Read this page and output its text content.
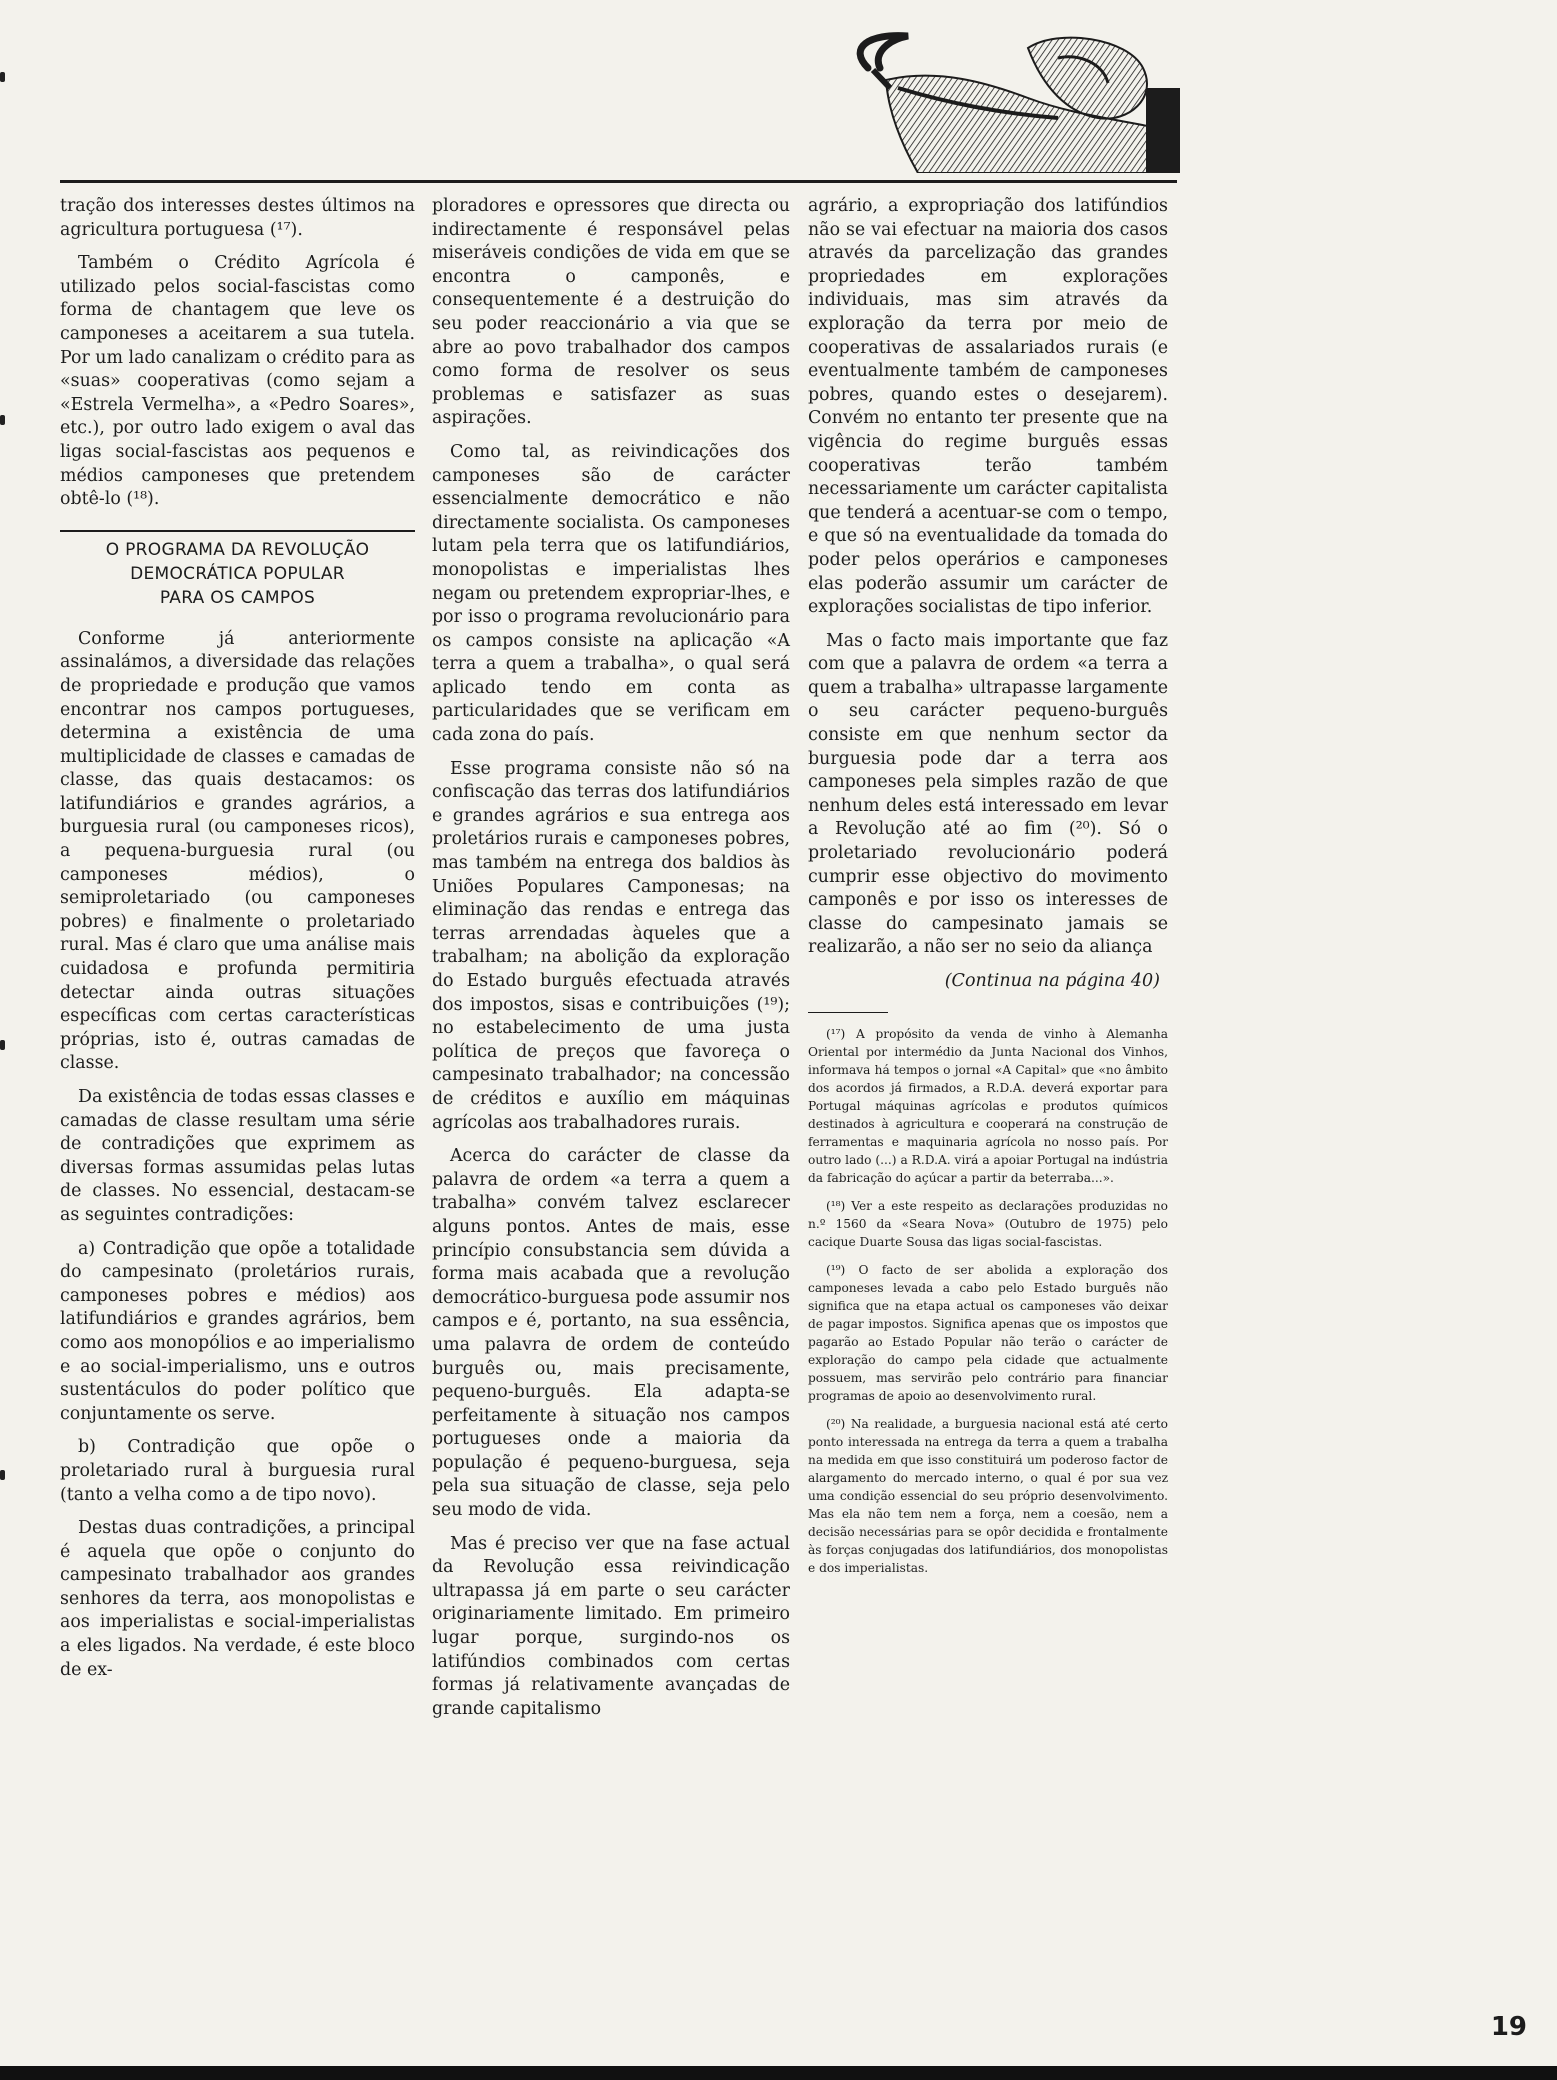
tração dos interesses destes últimos na agricultura portuguesa (¹⁷).

Também o Crédito Agrícola é utilizado pelos social-fascistas como forma de chantagem que leve os camponeses a aceitarem a sua tutela. Por um lado canalizam o crédito para as «suas» cooperativas (como sejam a «Estrela Vermelha», a «Pedro Soares», etc.), por outro lado exigem o aval das ligas social-fascistas aos pequenos e médios camponeses que pretendem obtê-lo (¹⁸).

O PROGRAMA DA REVOLUÇÃO
DEMOCRÁTICA POPULAR
PARA OS CAMPOS

Conforme já anteriormente assinalámos, a diversidade das relações de propriedade e produção que vamos encontrar nos campos portugueses, determina a existência de uma multiplicidade de classes e camadas de classe, das quais destacamos: os latifundiários e grandes agrários, a burguesia rural (ou camponeses ricos), a pequena-burguesia rural (ou camponeses médios), o semiproletariado (ou camponeses pobres) e finalmente o proletariado rural. Mas é claro que uma análise mais cuidadosa e profunda permitiria detectar ainda outras situações específicas com certas características próprias, isto é, outras camadas de classe.

Da existência de todas essas classes e camadas de classe resultam uma série de contradições que exprimem as diversas formas assumidas pelas lutas de classes. No essencial, destacam-se as seguintes contradições:

a) Contradição que opõe a totalidade do campesinato (proletários rurais, camponeses pobres e médios) aos latifundiários e grandes agrários, bem como aos monopólios e ao imperialismo e ao social-imperialismo, uns e outros sustentáculos do poder político que conjuntamente os serve.

b) Contradição que opõe o proletariado rural à burguesia rural (tanto a velha como a de tipo novo).

Destas duas contradições, a principal é aquela que opõe o conjunto do campesinato trabalhador aos grandes senhores da terra, aos monopolistas e aos imperialistas e social-imperialistas a eles ligados. Na verdade, é este bloco de ex-

ploradores e opressores que directa ou indirectamente é responsável pelas miseráveis condições de vida em que se encontra o camponês, e consequentemente é a destruição do seu poder reaccionário a via que se abre ao povo trabalhador dos campos como forma de resolver os seus problemas e satisfazer as suas aspirações.

Como tal, as reivindicações dos camponeses são de carácter essencialmente democrático e não directamente socialista. Os camponeses lutam pela terra que os latifundiários, monopolistas e imperialistas lhes negam ou pretendem expropriar-lhes, e por isso o programa revolucionário para os campos consiste na aplicação «A terra a quem a trabalha», o qual será aplicado tendo em conta as particularidades que se verificam em cada zona do país.

Esse programa consiste não só na confiscação das terras dos latifundiários e grandes agrários e sua entrega aos proletários rurais e camponeses pobres, mas também na entrega dos baldios às Uniões Populares Camponesas; na eliminação das rendas e entrega das terras arrendadas àqueles que a trabalham; na abolição da exploração do Estado burguês efectuada através dos impostos, sisas e contribuições (¹⁹); no estabelecimento de uma justa política de preços que favoreça o campesinato trabalhador; na concessão de créditos e auxílio em máquinas agrícolas aos trabalhadores rurais.

Acerca do carácter de classe da palavra de ordem «a terra a quem a trabalha» convém talvez esclarecer alguns pontos. Antes de mais, esse princípio consubstancia sem dúvida a forma mais acabada que a revolução democrático-burguesa pode assumir nos campos e é, portanto, na sua essência, uma palavra de ordem de conteúdo burguês ou, mais precisamente, pequeno-burguês. Ela adapta-se perfeitamente à situação nos campos portugueses onde a maioria da população é pequeno-burguesa, seja pela sua situação de classe, seja pelo seu modo de vida.

Mas é preciso ver que na fase actual da Revolução essa reivindicação ultrapassa já em parte o seu carácter originariamente limitado. Em primeiro lugar porque, surgindo-nos os latifúndios combinados com certas formas já relativamente avançadas de grande capitalismo

agrário, a expropriação dos latifúndios não se vai efectuar na maioria dos casos através da parcelização das grandes propriedades em explorações individuais, mas sim através da exploração da terra por meio de cooperativas de assalariados rurais (e eventualmente também de camponeses pobres, quando estes o desejarem). Convém no entanto ter presente que na vigência do regime burguês essas cooperativas terão também necessariamente um carácter capitalista que tenderá a acentuar-se com o tempo, e que só na eventualidade da tomada do poder pelos operários e camponeses elas poderão assumir um carácter de explorações socialistas de tipo inferior.

Mas o facto mais importante que faz com que a palavra de ordem «a terra a quem a trabalha» ultrapasse largamente o seu carácter pequeno-burguês consiste em que nenhum sector da burguesia pode dar a terra aos camponeses pela simples razão de que nenhum deles está interessado em levar a Revolução até ao fim (²⁰). Só o proletariado revolucionário poderá cumprir esse objectivo do movimento camponês e por isso os interesses de classe do campesinato jamais se realizarão, a não ser no seio da aliança

(Continua na página 40)

(¹⁷) A propósito da venda de vinho à Alemanha Oriental por intermédio da Junta Nacional dos Vinhos, informava há tempos o jornal «A Capital» que «no âmbito dos acordos já firmados, a R.D.A. deverá exportar para Portugal máquinas agrícolas e produtos químicos destinados à agricultura e cooperará na construção de ferramentas e maquinaria agrícola no nosso país. Por outro lado (...) a R.D.A. virá a apoiar Portugal na indústria da fabricação do açúcar a partir da beterraba...».

(¹⁸) Ver a este respeito as declarações produzidas no n.º 1560 da «Seara Nova» (Outubro de 1975) pelo cacique Duarte Sousa das ligas social-fascistas.

(¹⁹) O facto de ser abolida a exploração dos camponeses levada a cabo pelo Estado burguês não significa que na etapa actual os camponeses vão deixar de pagar impostos. Significa apenas que os impostos que pagarão ao Estado Popular não terão o carácter de exploração do campo pela cidade que actualmente possuem, mas servirão pelo contrário para financiar programas de apoio ao desenvolvimento rural.

(²⁰) Na realidade, a burguesia nacional está até certo ponto interessada na entrega da terra a quem a trabalha na medida em que isso constituirá um poderoso factor de alargamento do mercado interno, o qual é por sua vez uma condição essencial do seu próprio desenvolvimento. Mas ela não tem nem a força, nem a coesão, nem a decisão necessárias para se opôr decidida e frontalmente às forças conjugadas dos latifundiários, dos monopolistas e dos imperialistas.

19
